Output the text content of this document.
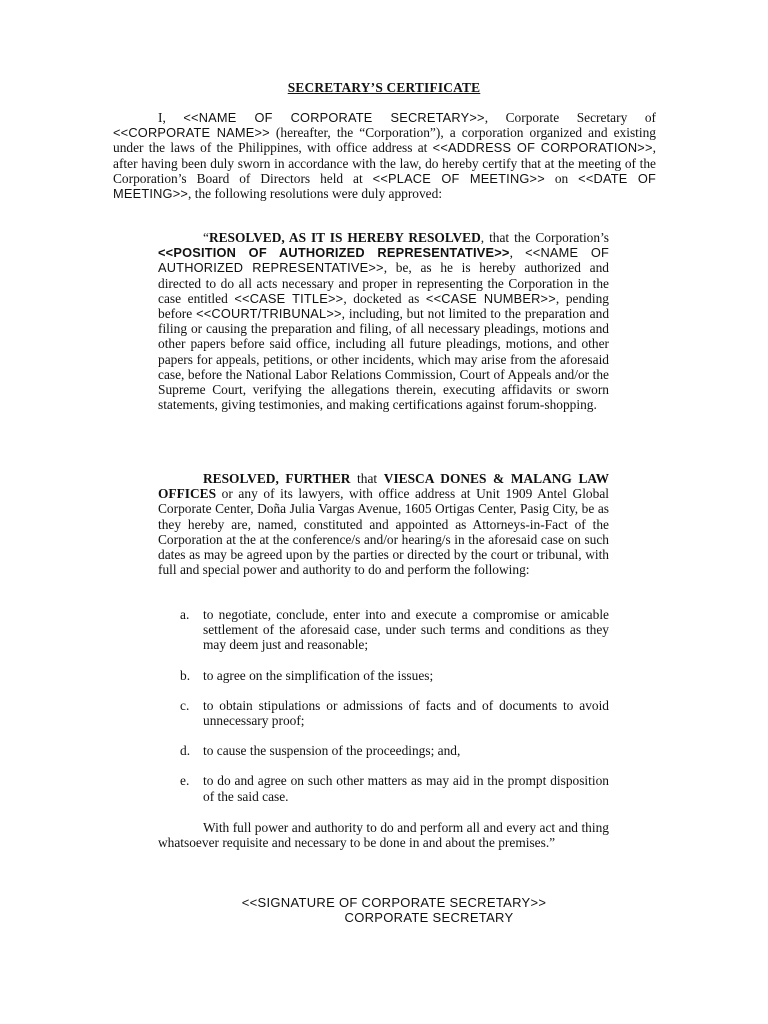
SECRETARY’S CERTIFICATE

I, <<NAME OF CORPORATE SECRETARY>>, Corporate Secretary of <<CORPORATE NAME>> (hereafter, the “Corporation”), a corporation organized and existing under the laws of the Philippines, with office address at <<ADDRESS OF CORPORATION>>, after having been duly sworn in accordance with the law, do hereby certify that at the meeting of the Corporation’s Board of Directors held at <<PLACE OF MEETING>> on <<DATE OF MEETING>>, the following resolutions were duly approved:

“RESOLVED, AS IT IS HEREBY RESOLVED, that the Corporation’s <<POSITION OF AUTHORIZED REPRESENTATIVE>>, <<NAME OF AUTHORIZED REPRESENTATIVE>>, be, as he is hereby authorized and directed to do all acts necessary and proper in representing the Corporation in the case entitled <<CASE TITLE>>, docketed as <<CASE NUMBER>>, pending before <<COURT/TRIBUNAL>>, including, but not limited to the preparation and filing or causing the preparation and filing, of all necessary pleadings, motions and other papers before said office, including all future pleadings, motions, and other papers for appeals, petitions, or other incidents, which may arise from the aforesaid case, before the National Labor Relations Commission, Court of Appeals and/or the Supreme Court, verifying the allegations therein, executing affidavits or sworn statements, giving testimonies, and making certifications against forum-shopping.

RESOLVED, FURTHER that VIESCA DONES & MALANG LAW OFFICES or any of its lawyers, with office address at Unit 1909 Antel Global Corporate Center, Doña Julia Vargas Avenue, 1605 Ortigas Center, Pasig City, be as they hereby are, named, constituted and appointed as Attorneys-in-Fact of the Corporation at the at the conference/s and/or hearing/s in the aforesaid case on such dates as may be agreed upon by the parties or directed by the court or tribunal, with full and special power and authority to do and perform the following:

a. to negotiate, conclude, enter into and execute a compromise or amicable settlement of the aforesaid case, under such terms and conditions as they may deem just and reasonable;
b. to agree on the simplification of the issues;
c. to obtain stipulations or admissions of facts and of documents to avoid unnecessary proof;
d. to cause the suspension of the proceedings; and,
e. to do and agree on such other matters as may aid in the prompt disposition of the said case.

With full power and authority to do and perform all and every act and thing whatsoever requisite and necessary to be done in and about the premises.”

<<SIGNATURE OF CORPORATE SECRETARY>>
CORPORATE SECRETARY
